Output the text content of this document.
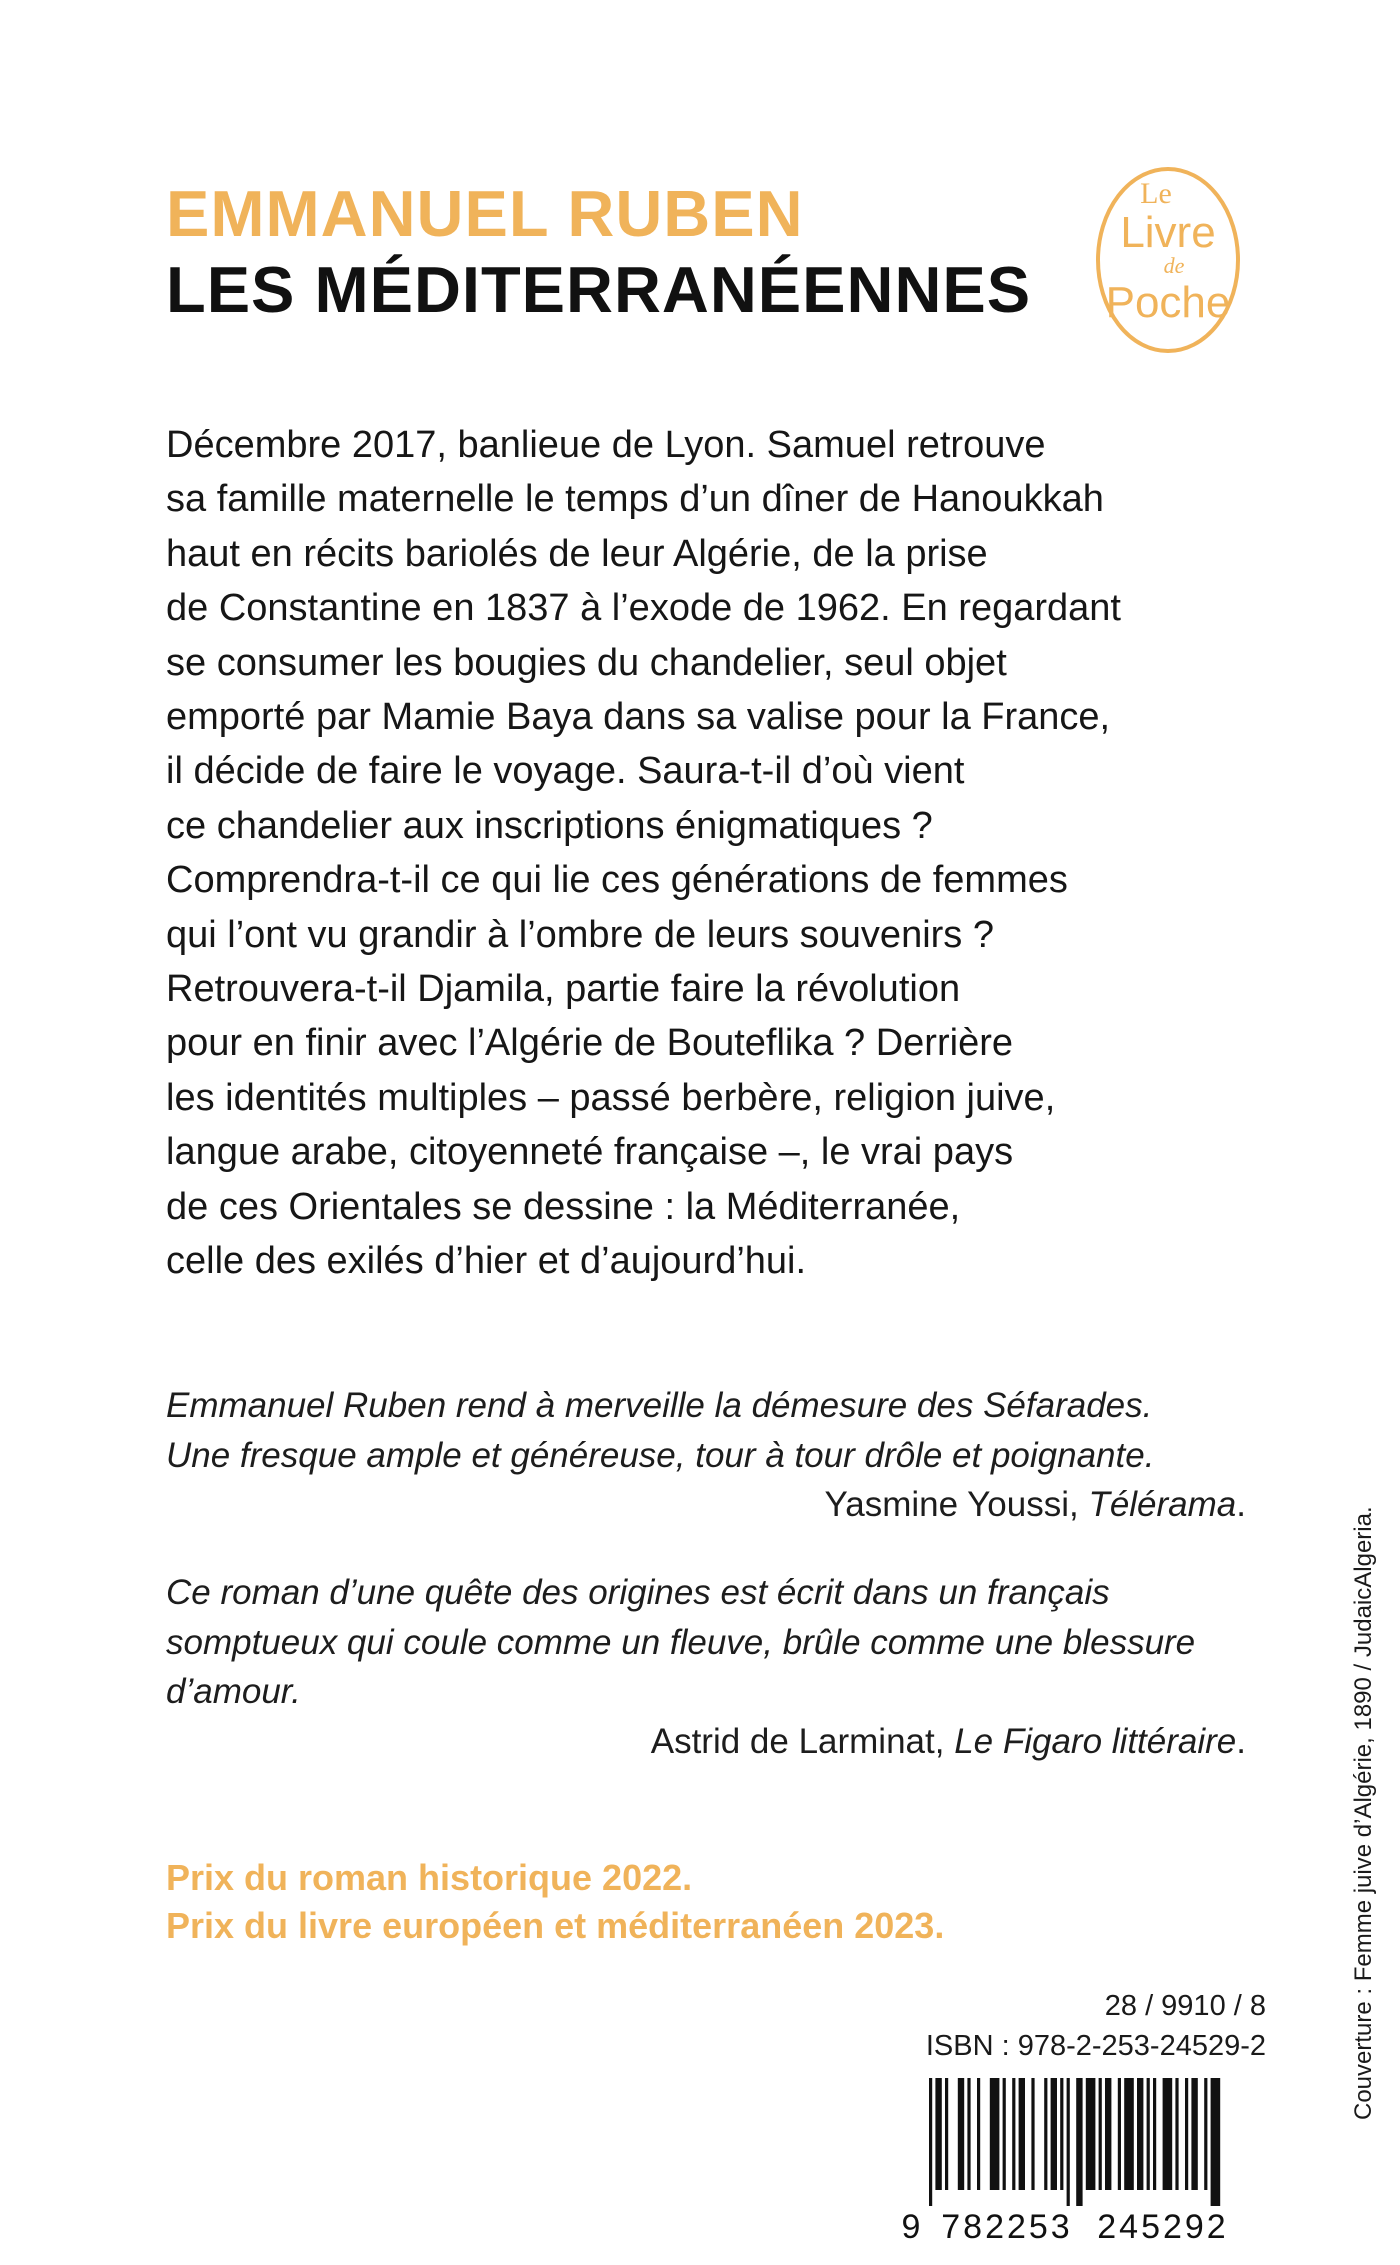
EMMANUEL RUBEN
LES MÉDITERRANÉENNES
Le
Livre
de
Poche
Décembre 2017, banlieue de Lyon. Samuel retrouve
sa famille maternelle le temps d’un dîner de Hanoukkah
haut en récits bariolés de leur Algérie, de la prise
de Constantine en 1837 à l’exode de 1962. En regardant
se consumer les bougies du chandelier, seul objet
emporté par Mamie Baya dans sa valise pour la France,
il décide de faire le voyage. Saura-t-il d’où vient
ce chandelier aux inscriptions énigmatiques ?
Comprendra-t-il ce qui lie ces générations de femmes
qui l’ont vu grandir à l’ombre de leurs souvenirs ?
Retrouvera-t-il Djamila, partie faire la révolution
pour en finir avec l’Algérie de Bouteflika ? Derrière
les identités multiples – passé berbère, religion juive,
langue arabe, citoyenneté française –, le vrai pays
de ces Orientales se dessine : la Méditerranée,
celle des exilés d’hier et d’aujourd’hui.
Emmanuel Ruben rend à merveille la démesure des Séfarades.
Une fresque ample et généreuse, tour à tour drôle et poignante.
Yasmine Youssi, Télérama.
Ce roman d’une quête des origines est écrit dans un français
somptueux qui coule comme un fleuve, brûle comme une blessure
d’amour.
Astrid de Larminat, Le Figaro littéraire.
Prix du roman historique 2022.
Prix du livre européen et méditerranéen 2023.
28 / 9910 / 8
ISBN : 978-2-253-24529-2
9 782253 245292
Couverture : Femme juive d’Algérie, 1890 / JudaicAlgeria.
